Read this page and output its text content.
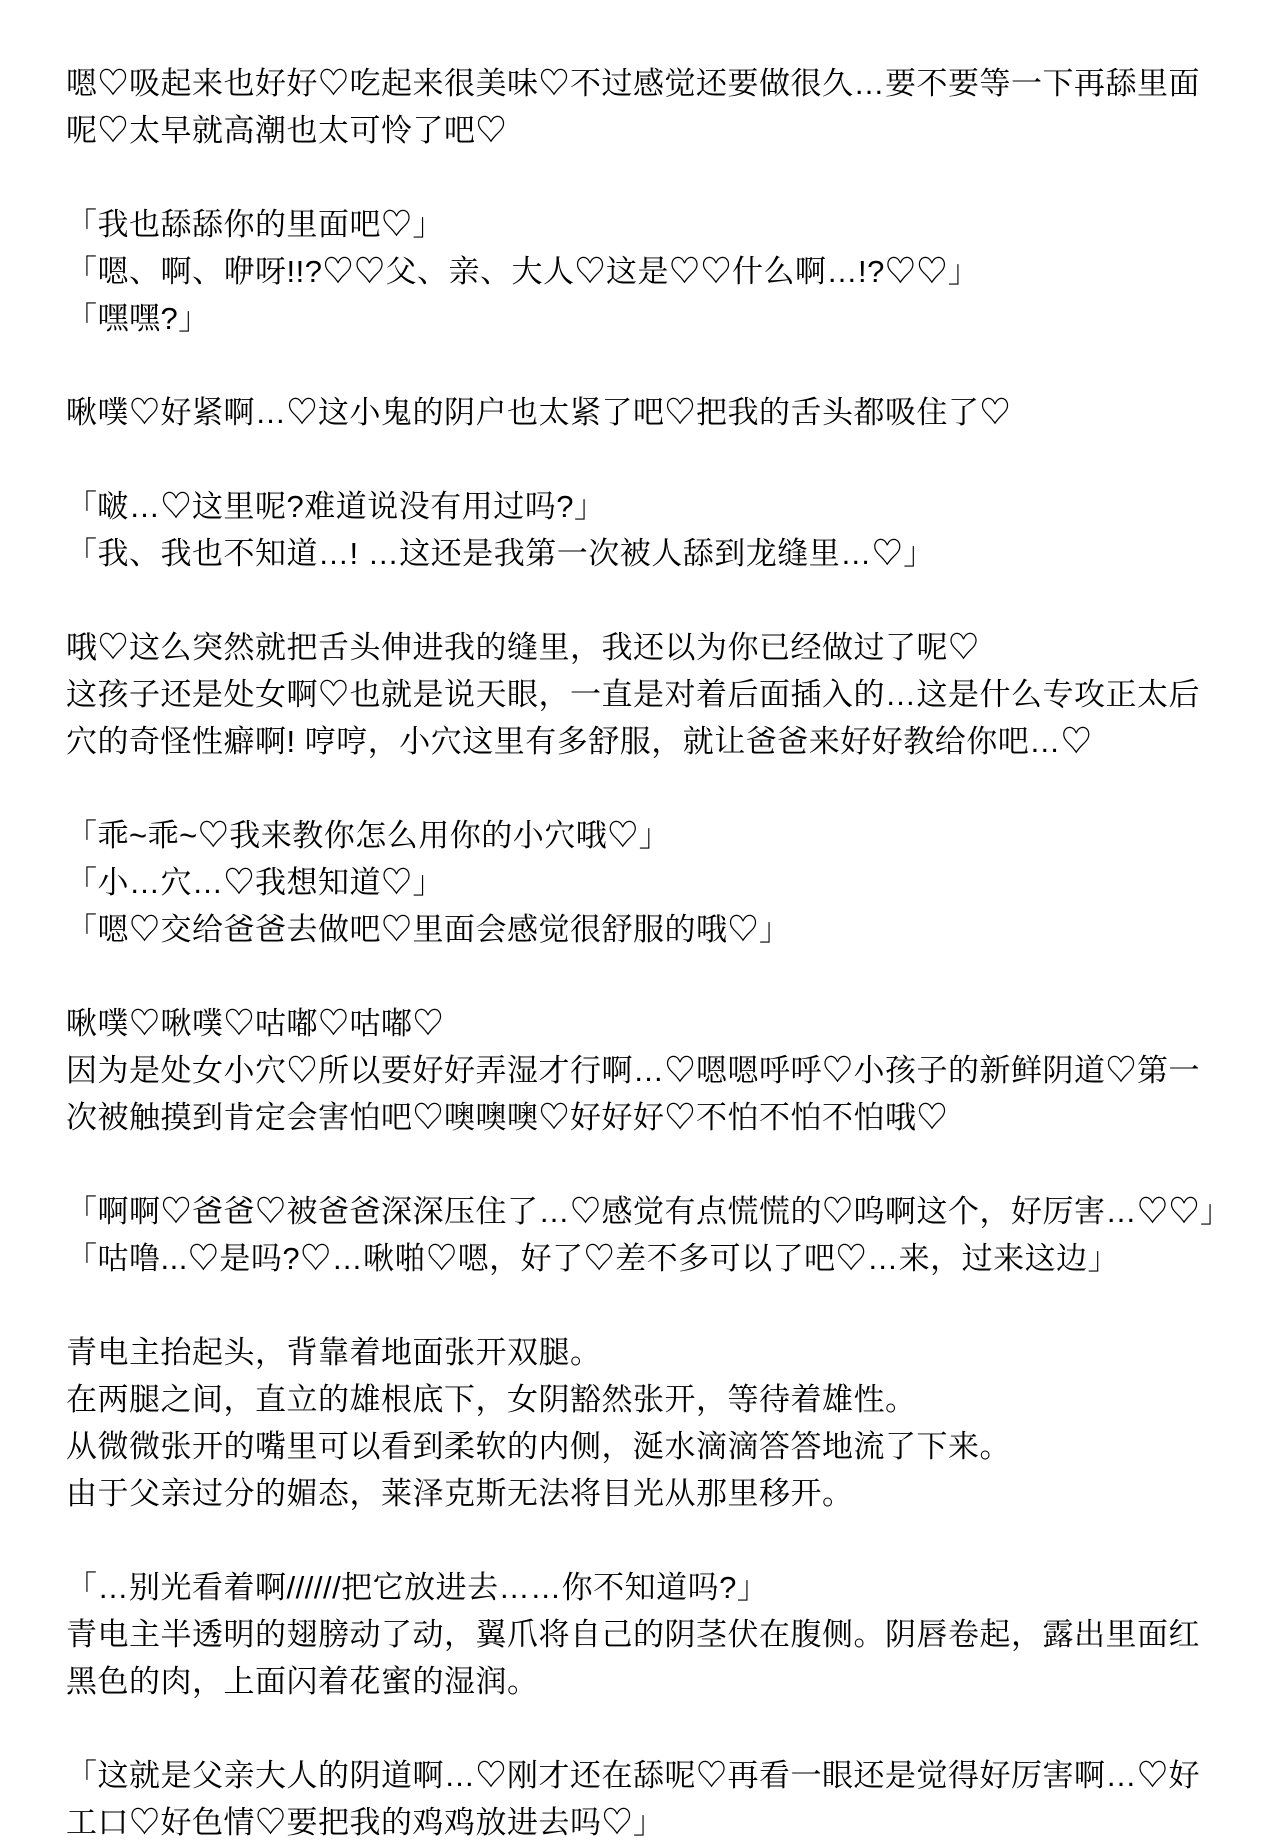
嗯♡吸起来也好好♡吃起来很美味♡不过感觉还要做很久…要不要等一下再舔里面呢♡太早就高潮也太可怜了吧♡

「我也舔舔你的里面吧♡」

「嗯、啊、咿呀!!?♡♡父、亲、大人♡这是♡♡什么啊…!?♡♡」

「嘿嘿?」

啾噗♡好紧啊…♡这小鬼的阴户也太紧了吧♡把我的舌头都吸住了♡

「啵…♡这里呢?难道说没有用过吗?」

「我、我也不知道…! …这还是我第一次被人舔到龙缝里…♡」

哦♡这么突然就把舌头伸进我的缝里，我还以为你已经做过了呢♡

这孩子还是处女啊♡也就是说天眼，一直是对着后面插入的…这是什么专攻正太后穴的奇怪性癖啊! 哼哼，小穴这里有多舒服，就让爸爸来好好教给你吧…♡

「乖~乖~♡我来教你怎么用你的小穴哦♡」

「小…穴…♡我想知道♡」

「嗯♡交给爸爸去做吧♡里面会感觉很舒服的哦♡」

啾噗♡啾噗♡咕嘟♡咕嘟♡

因为是处女小穴♡所以要好好弄湿才行啊…♡嗯嗯呼呼♡小孩子的新鲜阴道♡第一次被触摸到肯定会害怕吧♡噢噢噢♡好好好♡不怕不怕不怕哦♡

「啊啊♡爸爸♡被爸爸深深压住了…♡感觉有点慌慌的♡呜啊这个，好厉害…♡♡」

「咕噜...♡是吗?♡…啾啪♡嗯，好了♡差不多可以了吧♡…来，过来这边」

青电主抬起头，背靠着地面张开双腿。

在两腿之间，直立的雄根底下，女阴豁然张开，等待着雄性。

从微微张开的嘴里可以看到柔软的内侧，涎水滴滴答答地流了下来。

由于父亲过分的媚态，莱泽克斯无法将目光从那里移开。

「…别光看着啊//////把它放进去……你不知道吗?」

青电主半透明的翅膀动了动，翼爪将自己的阴茎伏在腹侧。阴唇卷起，露出里面红黑色的肉，上面闪着花蜜的湿润。

「这就是父亲大人的阴道啊…♡刚才还在舔呢♡再看一眼还是觉得好厉害啊…♡好工口♡好色情♡要把我的鸡鸡放进去吗♡」
